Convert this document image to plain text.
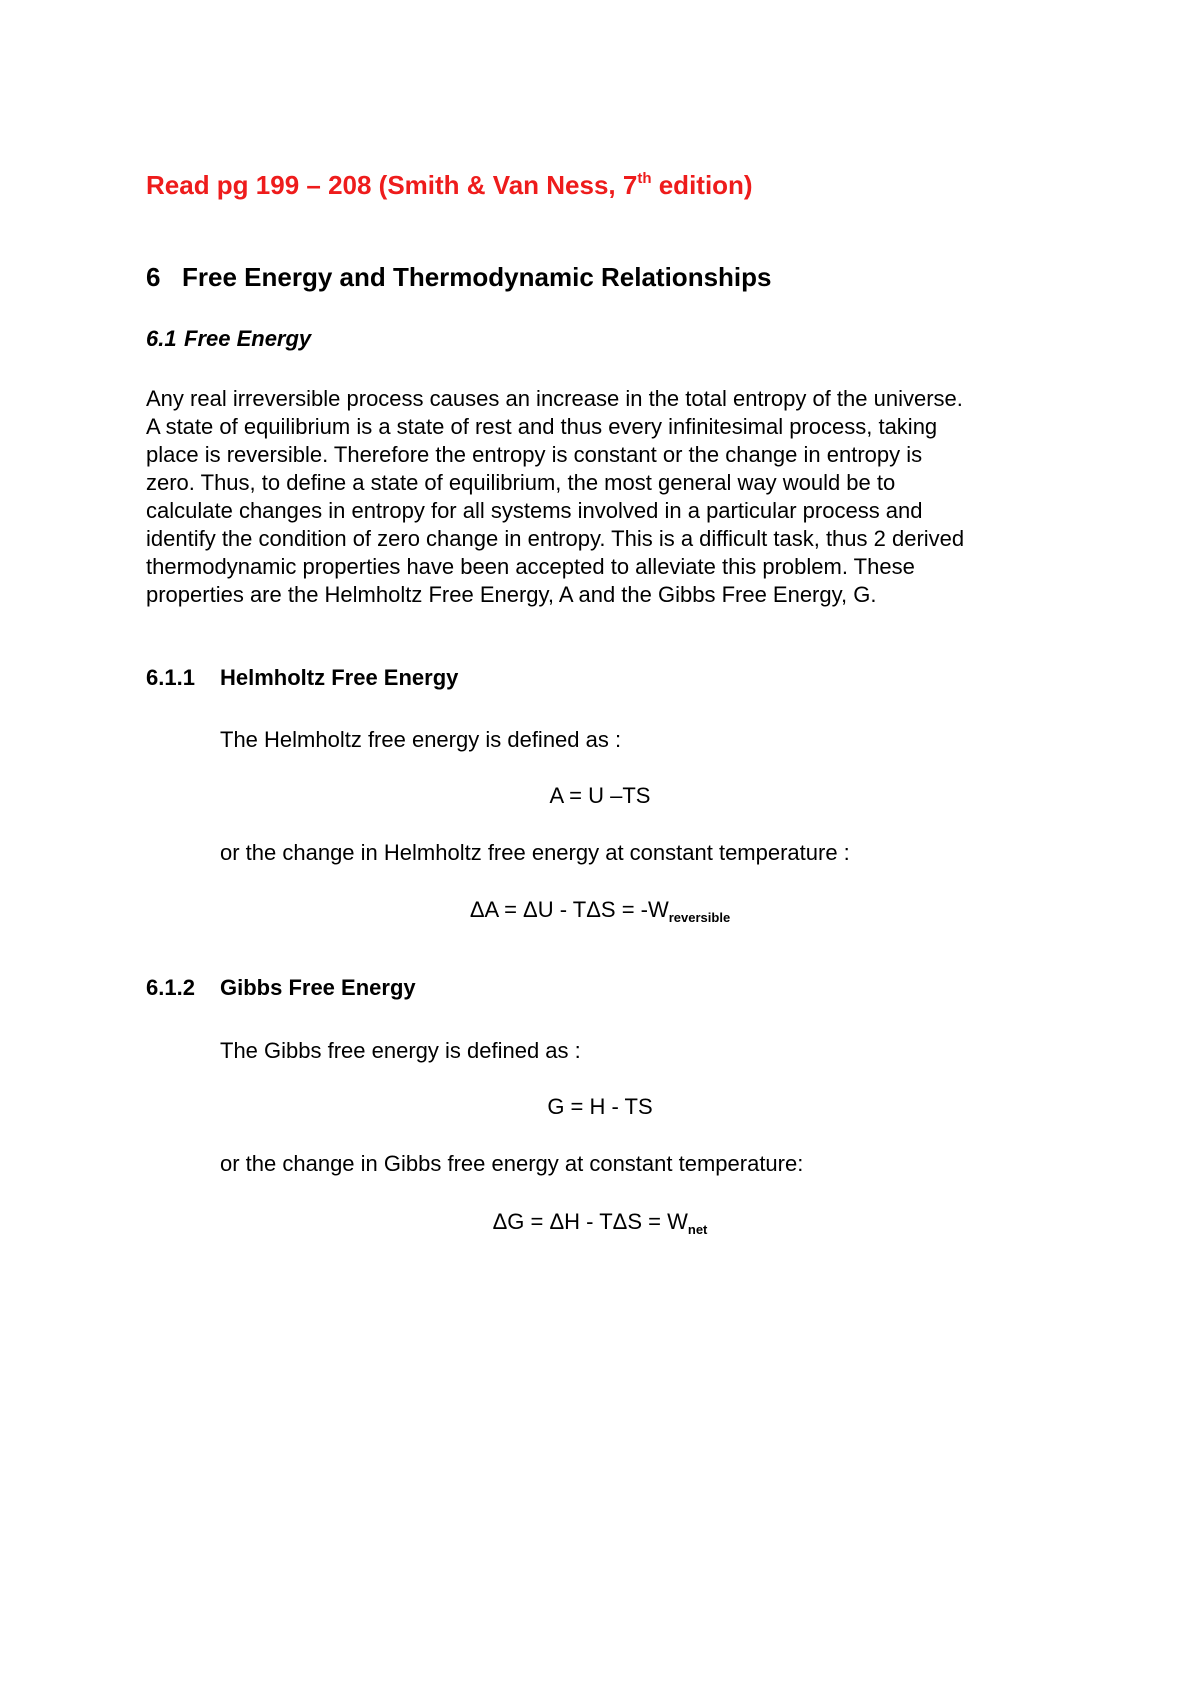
Read pg 199 – 208 (Smith & Van Ness, 7th edition)

6 Free Energy and Thermodynamic Relationships
6.1 Free Energy

Any real irreversible process causes an increase in the total entropy of the universe.
A state of equilibrium is a state of rest and thus every infinitesimal process, taking
place is reversible. Therefore the entropy is constant or the change in entropy is
zero. Thus, to define a state of equilibrium, the most general way would be to
calculate changes in entropy for all systems involved in a particular process and
identify the condition of zero change in entropy. This is a difficult task, thus 2 derived
thermodynamic properties have been accepted to alleviate this problem. These
properties are the Helmholtz Free Energy, A and the Gibbs Free Energy, G.

6.1.1 Helmholtz Free Energy

The Helmholtz free energy is defined as :

A = U –TS

or the change in Helmholtz free energy at constant temperature :

$\Delta A = \Delta U - T\Delta S = -W_{reversible}$

6.1.2 Gibbs Free Energy

The Gibbs free energy is defined as :

G = H - TS

or the change in Gibbs free energy at constant temperature:

$\Delta G = \Delta H - T\Delta S = W_{net}$
